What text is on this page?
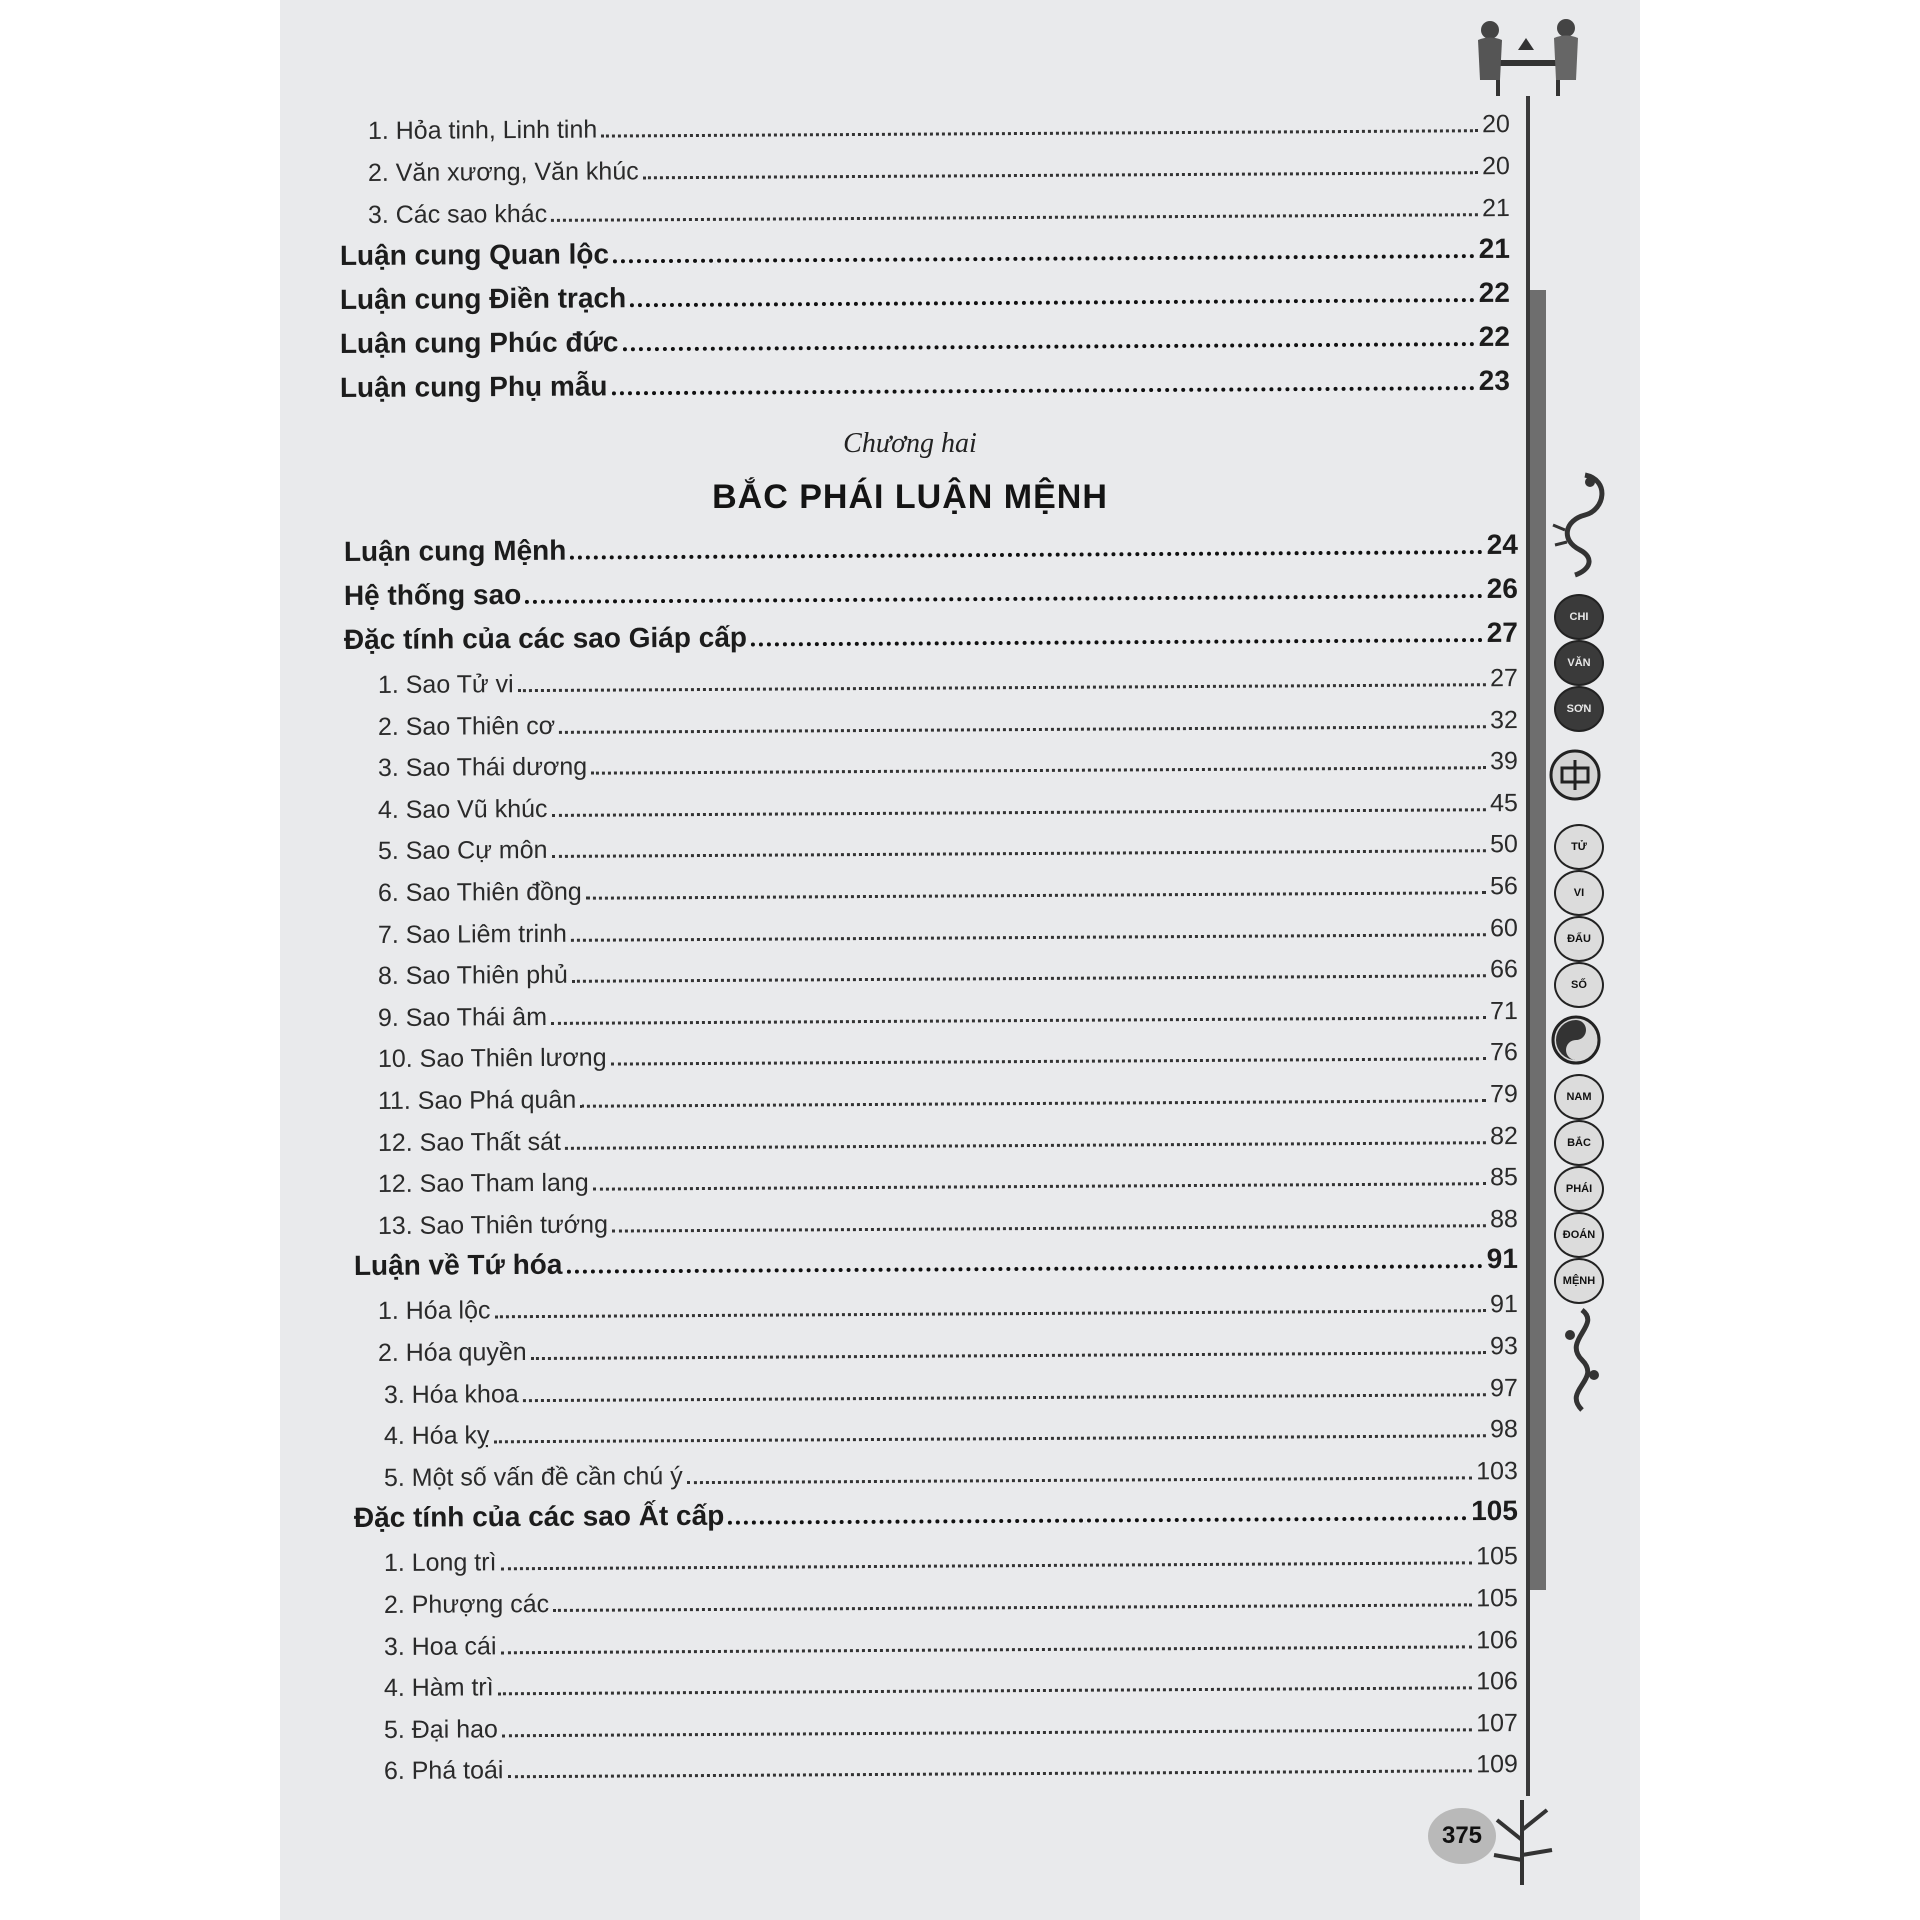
375
Chương hai
BẮC PHÁI LUẬN MỆNH
1. Hỏa tinh, Linh tinh	20
2. Văn xương, Văn khúc	20
3. Các sao khác	21
Luận cung Quan lộc	21
Luận cung Điền trạch	22
Luận cung Phúc đức	22
Luận cung Phụ mẫu	23
Luận cung Mệnh	24
Hệ thống sao	26
Đặc tính của các sao Giáp cấp	27
1. Sao Tử vi	27
2. Sao Thiên cơ	32
3. Sao Thái dương	39
4. Sao Vũ khúc	45
5. Sao Cự môn	50
6. Sao Thiên đồng	56
7. Sao Liêm trinh	60
8. Sao Thiên phủ	66
9. Sao Thái âm	71
10. Sao Thiên lương	76
11. Sao Phá quân	79
12. Sao Thất sát	82
12. Sao Tham lang	85
13. Sao Thiên tướng	88
Luận về Tứ hóa	91
1. Hóa lộc	91
2. Hóa quyền	93
3. Hóa khoa	97
4. Hóa kỵ	98
5. Một số vấn đề cần chú ý	103
Đặc tính của các sao Ất cấp	105
1. Long trì	105
2. Phượng các	105
3. Hoa cái	106
4. Hàm trì	106
5. Đại hao	107
6. Phá toái	109
CHI
VĂN
SƠN
TỬ
VI
ĐẨU
SỐ
NAM
BẮC
PHÁI
ĐOÁN
MỆNH
